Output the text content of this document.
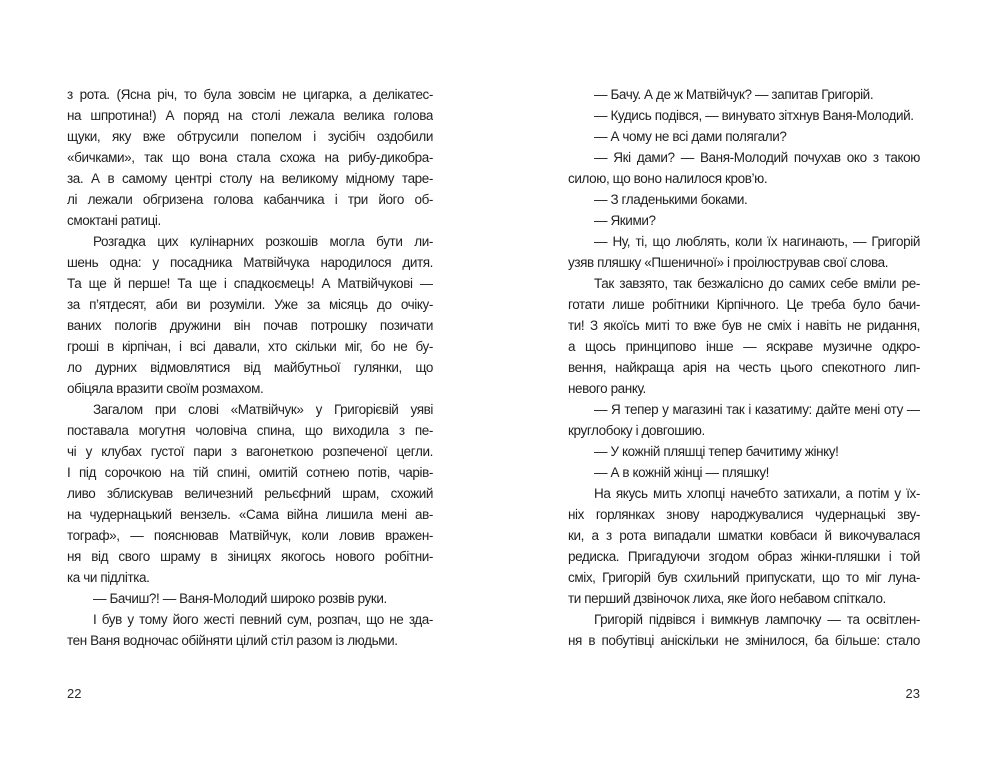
з рота. (Ясна річ, то була зовсім не цигарка, а делікатес-
на шпротина!) А поряд на столі лежала велика голова
щуки, яку вже обтрусили попелом і зусібіч оздобили
«бичками», так що вона стала схожа на рибу-дикобра-
за. А в самому центрі столу на великому мідному таре-
лі лежали обгризена голова кабанчика і три його об-
смоктані ратиці.
Розгадка цих кулінарних розкошів могла бути ли-
шень одна: у посадника Матвійчука народилося дитя.
Та ще й перше! Та ще і спадкоємець! А Матвійчукові —
за п’ятдесят, аби ви розуміли. Уже за місяць до очіку-
ваних пологів дружини він почав потрошку позичати
гроші в кірпічан, і всі давали, хто скільки міг, бо не бу-
ло дурних відмовлятися від майбутньої гулянки, що
обіцяла вразити своїм розмахом.
Загалом при слові «Матвійчук» у Григорієвій уяві
поставала могутня чоловіча спина, що виходила з пе-
чі у клубах густої пари з вагонеткою розпеченої цегли.
І під сорочкою на тій спині, омитій сотнею потів, чарів-
ливо зблискував величезний рельєфний шрам, схожий
на чудернацький вензель. «Сама війна лишила мені ав-
тограф», — пояснював Матвійчук, коли ловив вражен-
ня від свого шраму в зіницях якогось нового робітни-
ка чи підлітка.
— Бачиш?! — Ваня-Молодий широко розвів руки.
І був у тому його жесті певний сум, розпач, що не зда-
тен Ваня водночас обійняти цілий стіл разом із людьми.
— Бачу. А де ж Матвійчук? — запитав Григорій.
— Кудись подівся, — винувато зітхнув Ваня-Молодий.
— А чому не всі дами полягали?
— Які дами? — Ваня-Молодий почухав око з такою
силою, що воно налилося кров’ю.
— З гладенькими боками.
— Якими?
— Ну, ті, що люблять, коли їх нагинають, — Григорій
узяв пляшку «Пшеничної» і проілюстрував свої слова.
Так завзято, так безжалісно до самих себе вміли ре-
готати лише робітники Кірпічного. Це треба було бачи-
ти! З якоїсь миті то вже був не сміх і навіть не ридання,
а щось принципово інше — яскраве музичне одкро-
вення, найкраща арія на честь цього спекотного лип-
невого ранку.
— Я тепер у магазині так і казатиму: дайте мені оту —
круглобоку і довгошию.
— У кожній пляшці тепер бачитиму жінку!
— А в кожній жінці — пляшку!
На якусь мить хлопці начебто затихали, а потім у їх-
ніх горлянках знову народжувалися чудернацькі зву-
ки, а з рота випадали шматки ковбаси й викочувалася
редиска. Пригадуючи згодом образ жінки-пляшки і той
сміх, Григорій був схильний припускати, що то міг луна-
ти перший дзвіночок лиха, яке його небавом спіткало.
Григорій підвівся і вимкнув лампочку — та освітлен-
ня в побутівці аніскільки не змінилося, ба більше: стало
22	23
